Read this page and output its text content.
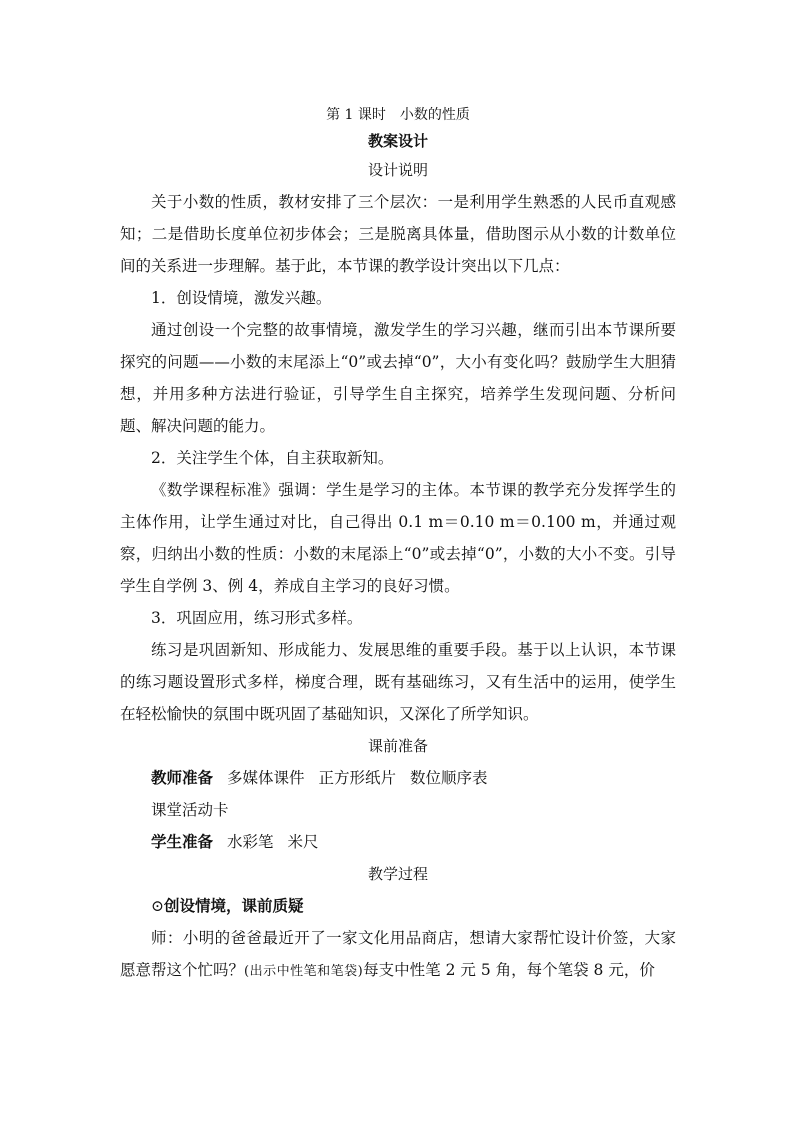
第 1 课时　小数的性质
教案设计
设计说明

关于小数的性质，教材安排了三个层次：一是利用学生熟悉的人民币直观感知；二是借助长度单位初步体会；三是脱离具体量，借助图示从小数的计数单位间的关系进一步理解。基于此，本节课的教学设计突出以下几点：

1．创设情境，激发兴趣。

通过创设一个完整的故事情境，激发学生的学习兴趣，继而引出本节课所要探究的问题——小数的末尾添上“0”或去掉“0”，大小有变化吗？鼓励学生大胆猜想，并用多种方法进行验证，引导学生自主探究，培养学生发现问题、分析问题、解决问题的能力。

2．关注学生个体，自主获取新知。

《数学课程标准》强调：学生是学习的主体。本节课的教学充分发挥学生的主体作用，让学生通过对比，自己得出 0.1 m＝0.10 m＝0.100 m，并通过观察，归纳出小数的性质：小数的末尾添上“0”或去掉“0”，小数的大小不变。引导学生自学例 3、例 4，养成自主学习的良好习惯。

3．巩固应用，练习形式多样。

练习是巩固新知、形成能力、发展思维的重要手段。基于以上认识，本节课的练习题设置形式多样，梯度合理，既有基础练习，又有生活中的运用，使学生在轻松愉快的氛围中既巩固了基础知识，又深化了所学知识。

课前准备

教师准备 多媒体课件 正方形纸片 数位顺序表

课堂活动卡

学生准备 水彩笔 米尺

教学过程

⊙创设情境，课前质疑

师：小明的爸爸最近开了一家文化用品商店，想请大家帮忙设计价签，大家愿意帮这个忙吗？(出示中性笔和笔袋)每支中性笔 2 元 5 角，每个笔袋 8 元，价
